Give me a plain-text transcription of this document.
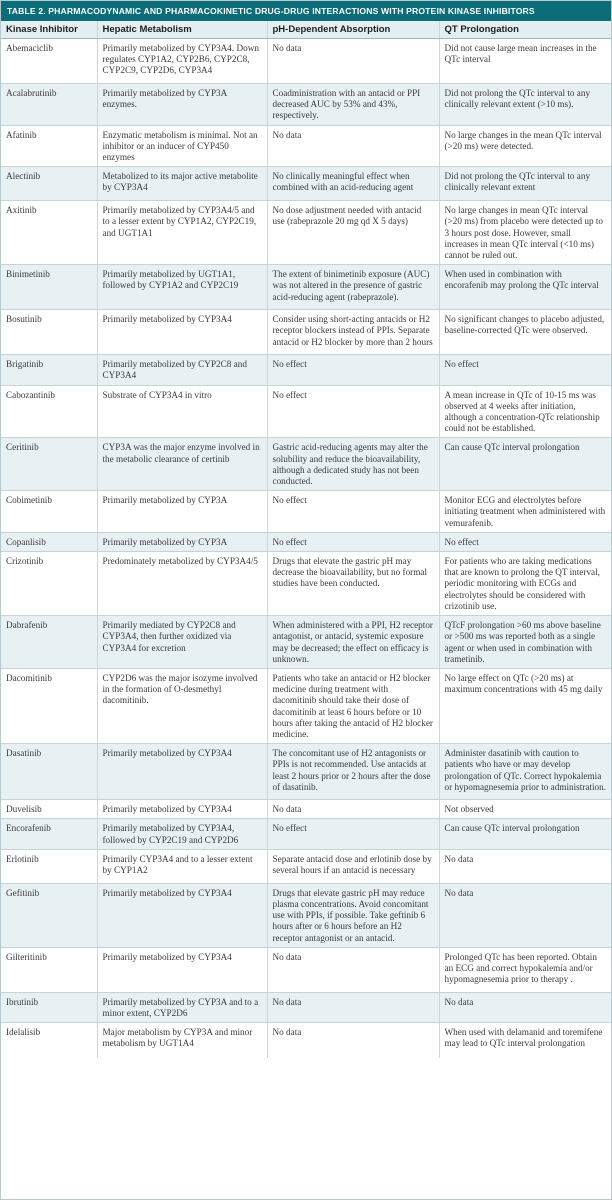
TABLE 2. PHARMACODYNAMIC AND PHARMACOKINETIC DRUG-DRUG INTERACTIONS WITH PROTEIN KINASE INHIBITORS
Kinase Inhibitor	Hepatic Metabolism	pH-Dependent Absorption	QT Prolongation
Abemaciclib	Primarily metabolized by CYP3A4. Down regulates CYP1A2, CYP2B6, CYP2C8, CYP2C9, CYP2D6, CYP3A4	No data	Did not cause large mean increases in the QTc interval
Acalabrutinib	Primarily metabolized by CYP3A enzymes.	Coadministration with an antacid or PPI decreased AUC by 53% and 43%, respectively.	Did not prolong the QTc interval to any clinically relevant extent (>10 ms).
Afatinib	Enzymatic metabolism is minimal. Not an inhibitor or an inducer of CYP450 enzymes	No data	No large changes in the mean QTc interval (>20 ms) were detected.
Alectinib	Metabolized to its major active metabolite by CYP3A4	No clinically meaningful effect when combined with an acid-reducing agent	Did not prolong the QTc interval to any clinically relevant extent
Axitinib	Primarily metabolized by CYP3A4/5 and to a lesser extent by CYP1A2, CYP2C19, and UGT1A1	No dose adjustment needed with antacid use (rabeprazole 20 mg qd X 5 days)	No large changes in mean QTc interval (>20 ms) from placebo were detected up to 3 hours post dose. However, small increases in mean QTc interval (<10 ms) cannot be ruled out.
Binimetinib	Primarily metabolized by UGT1A1, followed by CYP1A2 and CYP2C19	The extent of binimetinib exposure (AUC) was not altered in the presence of gastric acid-reducing agent (rabeprazole).	When used in combination with encorafenib may prolong the QTc interval
Bosutinib	Primarily metabolized by CYP3A4	Consider using short-acting antacids or H2 receptor blockers instead of PPIs. Separate antacid or H2 blocker by more than 2 hours	No significant changes to placebo adjusted, baseline-corrected QTc were observed.
Brigatinib	Primarily metabolized by CYP2C8 and CYP3A4	No effect	No effect
Cabozantinib	Substrate of CYP3A4 in vitro	No effect	A mean increase in QTc of 10-15 ms was observed at 4 weeks after initiation, although a concentration-QTc relationship could not be established.
Ceritinib	CYP3A was the major enzyme involved in the metabolic clearance of certinib	Gastric acid-reducing agents may alter the solubility and reduce the bioavailability, although a dedicated study has not been conducted.	Can cause QTc interval prolongation
Cobimetinib	Primarily metabolized by CYP3A	No effect	Monitor ECG and electrolytes before initiating treatment when administered with vemurafenib.
Copanlisib	Primarily metabolized by CYP3A	No effect	No effect
Crizotinib	Predominately metabolized by CYP3A4/5	Drugs that elevate the gastric pH may decrease the bioavailability, but no formal studies have been conducted.	For patients who are taking medications that are known to prolong the QT interval, periodic monitoring with ECGs and electrolytes should be considered with crizotinib use.
Dabrafenib	Primarily mediated by CYP2C8 and CYP3A4, then further oxidized via CYP3A4 for excretion	When administered with a PPI, H2 receptor antagonist, or antacid, systemic exposure may be decreased; the effect on efficacy is unknown.	QTcF prolongation >60 ms above baseline or >500 ms was reported both as a single agent or when used in combination with trametinib.
Dacomitinib	CYP2D6 was the major isozyme involved in the formation of O-desmethyl dacomitinib.	Patients who take an antacid or H2 blocker medicine during treatment with dacomitinib should take their dose of dacomitinib at least 6 hours before or 10 hours after taking the antacid of H2 blocker medicine.	No large effect on QTc (>20 ms) at maximum concentrations with 45 mg daily
Dasatinib	Primarily metabolized by CYP3A4	The concomitant use of H2 antagonists or PPIs is not recommended. Use antacids at least 2 hours prior or 2 hours after the dose of dasatinib.	Administer dasatinib with caution to patients who have or may develop prolongation of QTc. Correct hypokalemia or hypomagnesemia prior to administration.
Duvelisib	Primarily metabolized by CYP3A4	No data	Not observed
Encorafenib	Primarily metabolized by CYP3A4, followed by CYP2C19 and CYP2D6	No effect	Can cause QTc interval prolongation
Erlotinib	Primarily CYP3A4 and to a lesser extent by CYP1A2	Separate antacid dose and erlotinib dose by several hours if an antacid is necessary	No data
Gefitinib	Primarily metabolized by CYP3A4	Drugs that elevate gastric pH may reduce plasma concentrations. Avoid concomitant use with PPIs, if possible. Take geftinib 6 hours after or 6 hours before an H2 receptor antagonist or an antacid.	No data
Gilteritinib	Primarily metabolized by CYP3A4	No data	Prolonged QTc has been reported. Obtain an ECG and correct hypokalemia and/or hypomagnesemia prior to therapy .
Ibrutinib	Primarily metabolized by CYP3A and to a minor extent, CYP2D6	No data	No data
Idelalisib	Major metabolism by CYP3A and minor metabolism by UGT1A4	No data	When used with delamanid and toremifene may lead to QTc interval prolongation
